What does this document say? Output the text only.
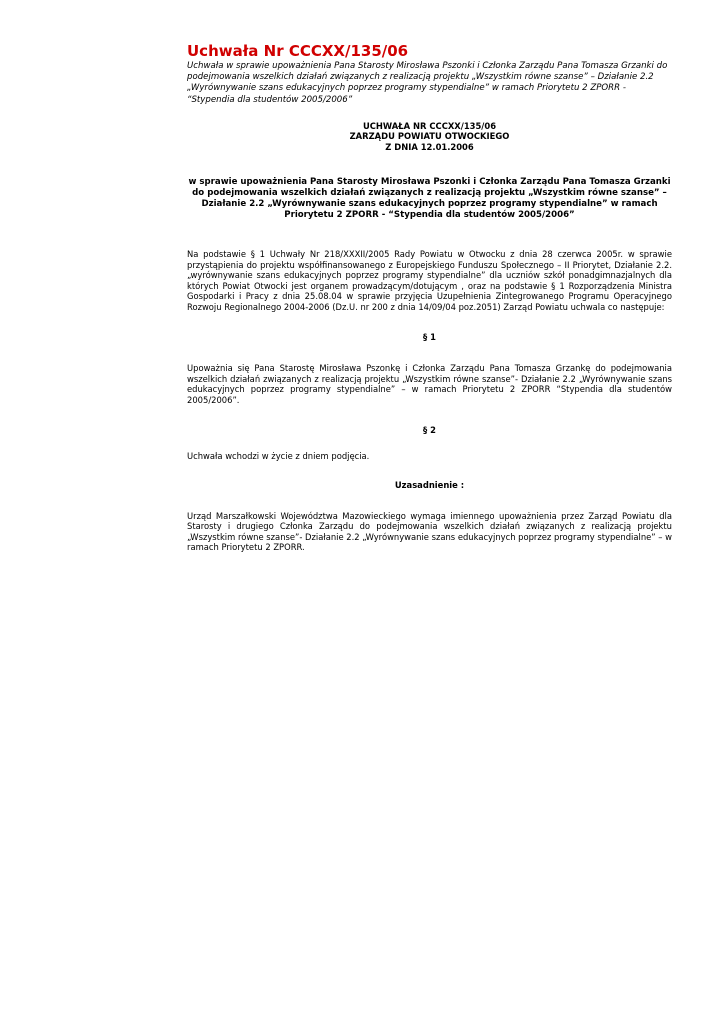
Uchwała Nr CCCXX/135/06

Uchwała w sprawie upoważnienia Pana Starosty Mirosława Pszonki i Członka Zarządu Pana Tomasza Grzanki do podejmowania wszelkich działań związanych z realizacją projektu „Wszystkim równe szanse” – Działanie 2.2 „Wyrównywanie szans edukacyjnych poprzez programy stypendialne” w ramach Priorytetu 2 ZPORR - “Stypendia dla studentów 2005/2006”

UCHWAŁA NR CCCXX/135/06
ZARZĄDU POWIATU OTWOCKIEGO
Z DNIA 12.01.2006
w sprawie upoważnienia Pana Starosty Mirosława Pszonki i Członka Zarządu Pana Tomasza Grzanki do podejmowania wszelkich działań związanych z realizacją projektu „Wszystkim równe szanse” – Działanie 2.2 „Wyrównywanie szans edukacyjnych poprzez programy stypendialne” w ramach Priorytetu 2 ZPORR - “Stypendia dla studentów 2005/2006”
Na podstawie § 1 Uchwały Nr 218/XXXII/2005 Rady Powiatu w Otwocku z dnia 28 czerwca 2005r. w sprawie przystąpienia do projektu współfinansowanego z Europejskiego Funduszu Społecznego – II Priorytet, Działanie 2.2. „wyrównywanie szans edukacyjnych poprzez programy stypendialne” dla uczniów szkół ponadgimnazjalnych dla których Powiat Otwocki jest organem prowadzącym/dotującym , oraz na podstawie § 1 Rozporządzenia Ministra Gospodarki i Pracy z dnia 25.08.04 w sprawie przyjęcia Uzupełnienia Zintegrowanego Programu Operacyjnego Rozwoju Regionalnego 2004-2006 (Dz.U. nr 200 z dnia 14/09/04 poz.2051) Zarząd Powiatu uchwala co następuje:
§ 1
Upoważnia się Pana Starostę Mirosława Pszonkę i Członka Zarządu Pana Tomasza Grzankę do podejmowania wszelkich działań związanych z realizacją projektu „Wszystkim równe szanse”- Działanie 2.2 „Wyrównywanie szans edukacyjnych poprzez programy stypendialne” – w ramach Priorytetu 2 ZPORR “Stypendia dla studentów 2005/2006”.
§ 2
Uchwała wchodzi w życie z dniem podjęcia.
Uzasadnienie :
Urząd Marszałkowski Województwa Mazowieckiego wymaga imiennego upoważnienia przez Zarząd Powiatu dla Starosty i drugiego Członka Zarządu do podejmowania wszelkich działań związanych z realizacją projektu „Wszystkim równe szanse”- Działanie 2.2 „Wyrównywanie szans edukacyjnych poprzez programy stypendialne” – w ramach Priorytetu 2 ZPORR.
